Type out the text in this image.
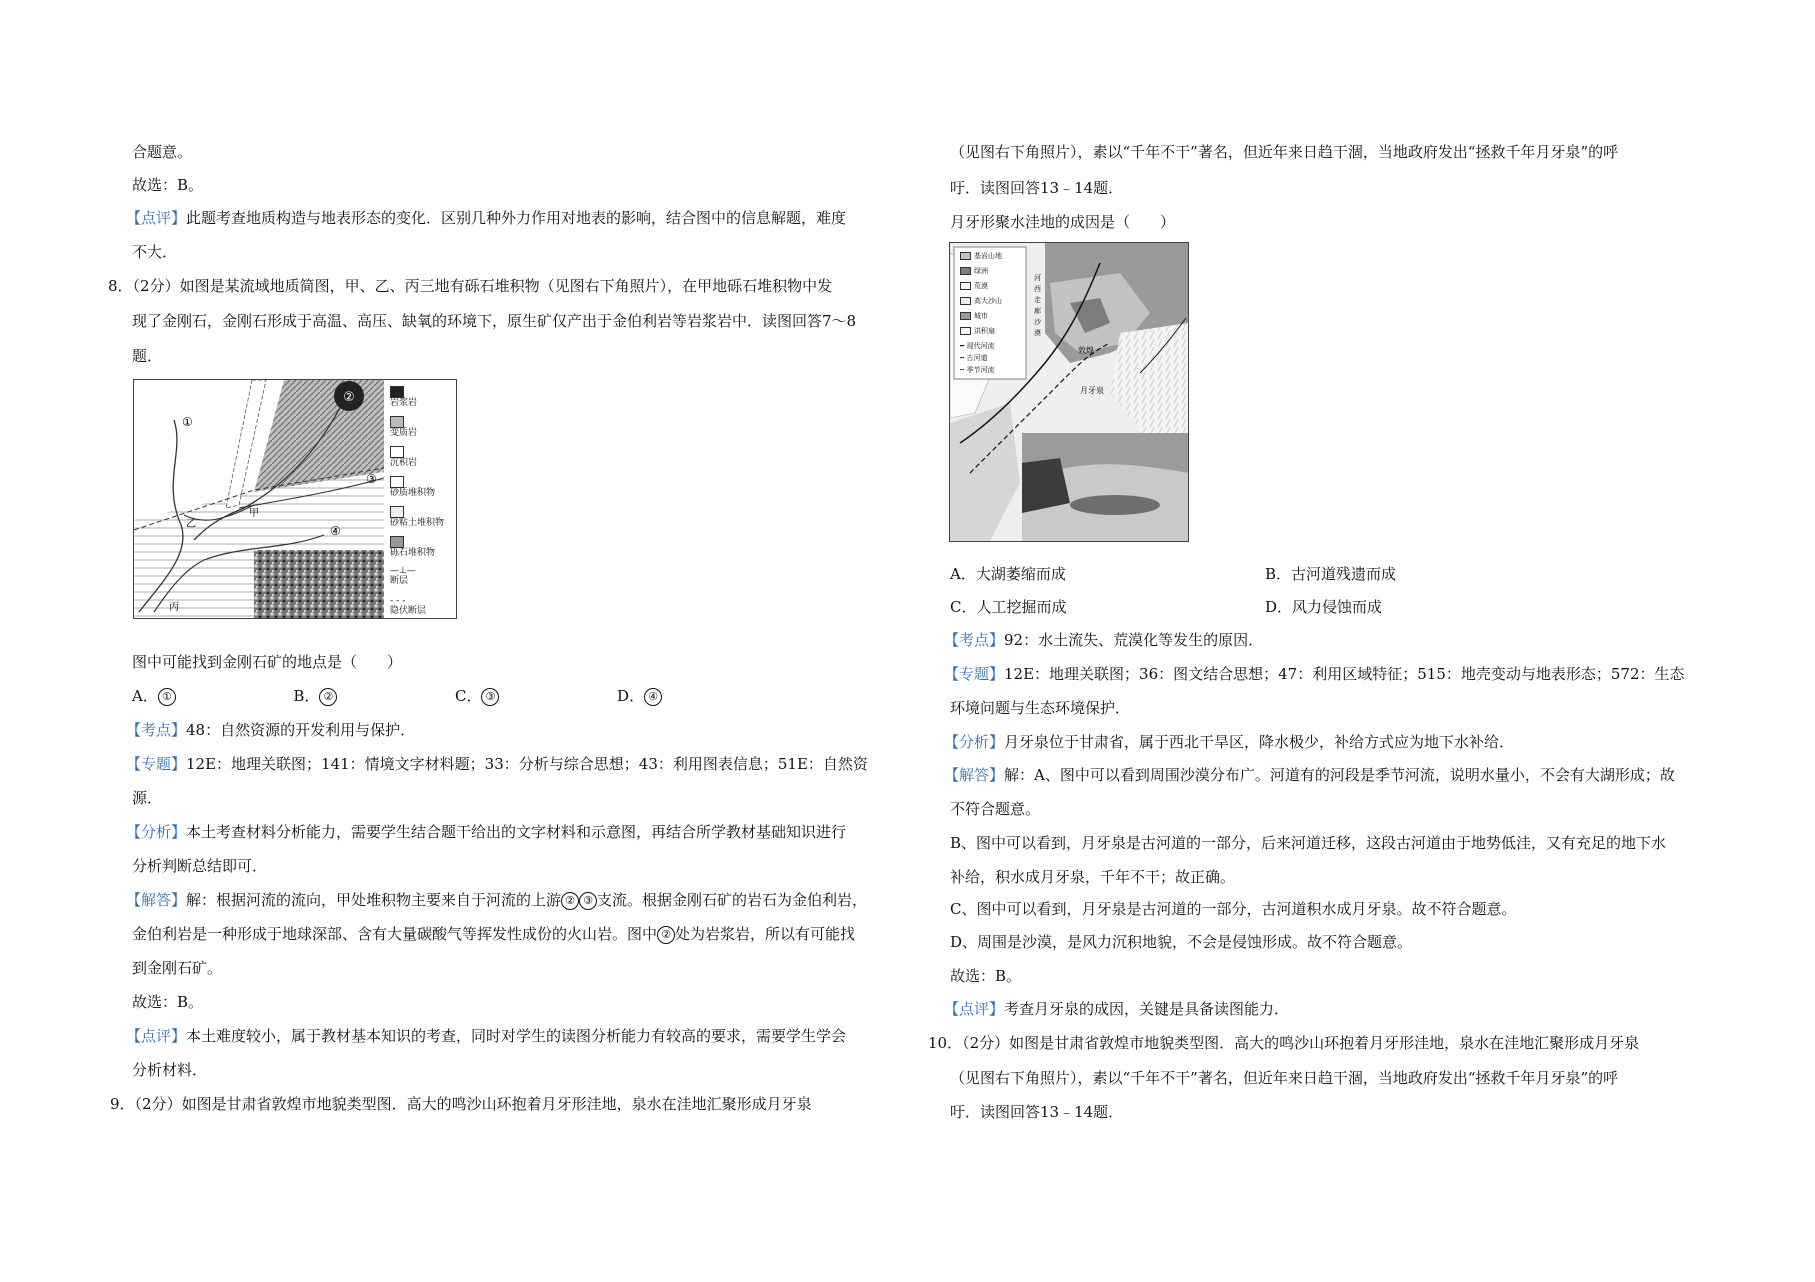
合题意。
故选：B。
【点评】此题考查地质构造与地表形态的变化．区别几种外力作用对地表的影响，结合图中的信息解题，难度
不大．
8．（2分）如图是某流域地质简图，甲、乙、丙三地有砾石堆积物（见图右下角照片），在甲地砾石堆积物中发
现了金刚石，金刚石形成于高温、高压、缺氧的环境下，原生矿仅产出于金伯利岩等岩浆岩中．读图回答7～8
题．
②
①
③
④
甲
乙
丙

岩浆岩

变质岩

沉积岩

砂质堆积物

砂粘土堆积物

砾石堆积物
—⊥—
断层
- - -
隐伏断层
图中可能找到金刚石矿的地点是（　　）
A． ①	B． ②	C． ③	D． ④
【考点】48：自然资源的开发利用与保护．
【专题】12E：地理关联图；141：情境文字材料题；33：分析与综合思想；43：利用图表信息；51E：自然资
源．
【分析】本土考查材料分析能力，需要学生结合题干给出的文字材料和示意图，再结合所学教材基础知识进行
分析判断总结即可．
【解答】解：根据河流的流向，甲处堆积物主要来自于河流的上游 ② ③ 支流。根据金刚石矿的岩石为金伯利岩，
金伯利岩是一种形成于地球深部、含有大量碳酸气等挥发性成份的火山岩。图中 ② 处为岩浆岩，所以有可能找
到金刚石矿。
故选：B。
【点评】本土难度较小，属于教材基本知识的考查，同时对学生的读图分析能力有较高的要求，需要学生学会
分析材料．
9．（2分）如图是甘肃省敦煌市地貌类型图．高大的鸣沙山环抱着月牙形洼地，泉水在洼地汇聚形成月牙泉
（见图右下角照片），素以“千年不干”著名，但近年来日趋干涸，当地政府发出“拯救千年月牙泉”的呼
吁．读图回答13﹣14题．
月牙形聚水洼地的成因是（　　）
敦煌
月牙泉
基岩山地
绿洲
荒漠
高大沙山
城市
洪积扇
━ 现代河流
╍ 古河道
┅ 季节河流
河西走廊沙漠
A．大湖萎缩而成	B．古河道残遗而成
C．人工挖掘而成	D．风力侵蚀而成
【考点】92：水土流失、荒漠化等发生的原因．
【专题】12E：地理关联图；36：图文结合思想；47：利用区域特征；515：地壳变动与地表形态；572：生态
环境问题与生态环境保护．
【分析】月牙泉位于甘肃省，属于西北干旱区，降水极少，补给方式应为地下水补给．
【解答】解：A、图中可以看到周围沙漠分布广。河道有的河段是季节河流，说明水量小，不会有大湖形成；故
不符合题意。
B、图中可以看到，月牙泉是古河道的一部分，后来河道迁移，这段古河道由于地势低洼，又有充足的地下水
补给，积水成月牙泉，千年不干；故正确。
C、图中可以看到，月牙泉是古河道的一部分，古河道积水成月牙泉。故不符合题意。
D、周围是沙漠，是风力沉积地貌，不会是侵蚀形成。故不符合题意。
故选：B。
【点评】考查月牙泉的成因，关键是具备读图能力．
10．（2分）如图是甘肃省敦煌市地貌类型图．高大的鸣沙山环抱着月牙形洼地，泉水在洼地汇聚形成月牙泉
（见图右下角照片），素以“千年不干”著名，但近年来日趋干涸，当地政府发出“拯救千年月牙泉”的呼
吁．读图回答13﹣14题．
